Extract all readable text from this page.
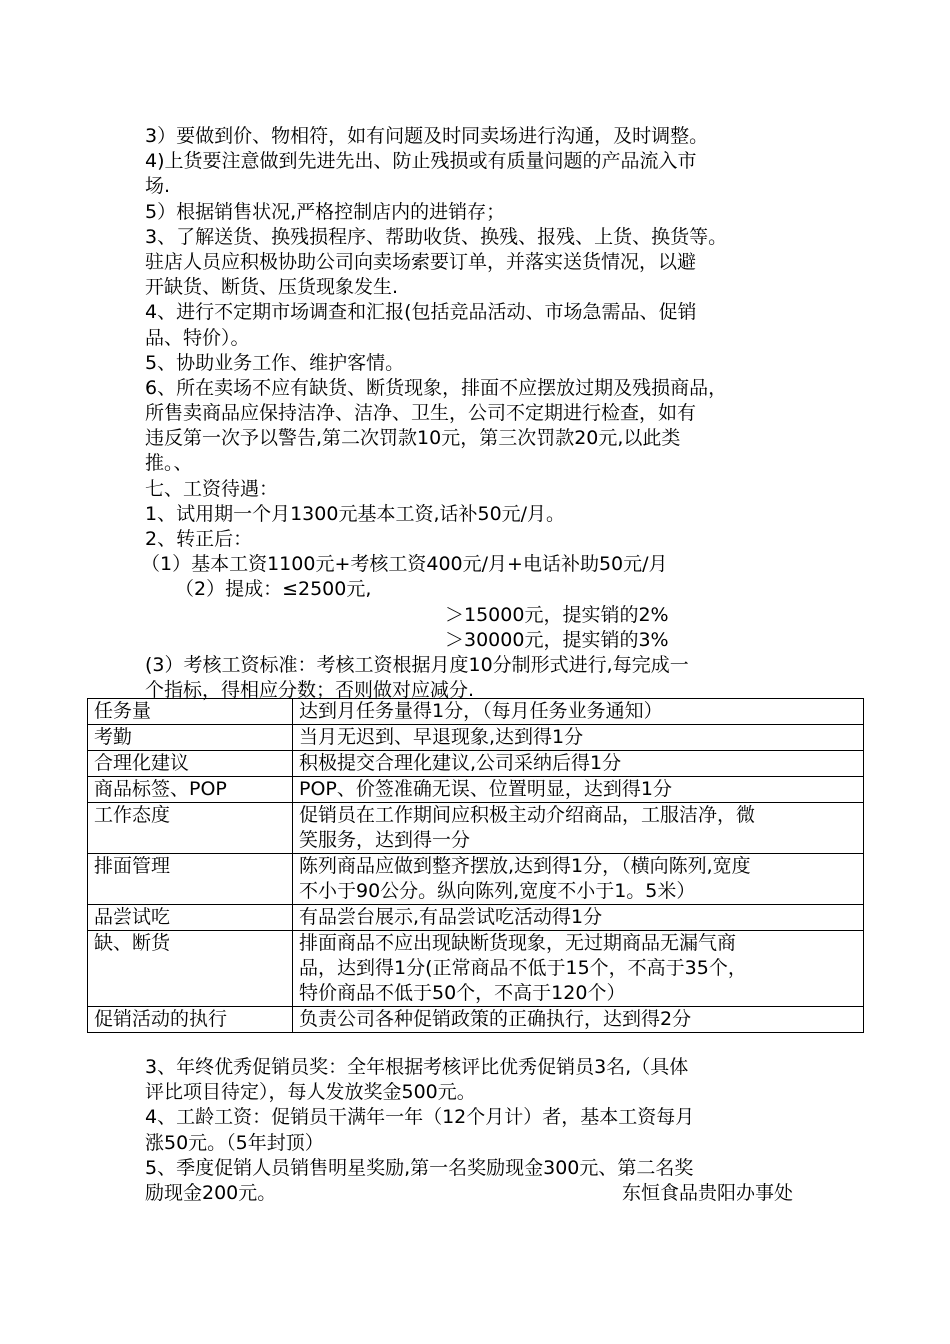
3）要做到价、物相符，如有问题及时同卖场进行沟通，及时调整。
4)上货要注意做到先进先出、防止残损或有质量问题的产品流入市
场.
5）根据销售状况,严格控制店内的进销存；
3、了解送货、换残损程序、帮助收货、换残、报残、上货、换货等。
驻店人员应积极协助公司向卖场索要订单，并落实送货情况，以避
开缺货、断货、压货现象发生.
4、进行不定期市场调查和汇报(包括竞品活动、市场急需品、促销
品、特价）。
5、协助业务工作、维护客情。
6、所在卖场不应有缺货、断货现象，排面不应摆放过期及残损商品，
所售卖商品应保持洁净、洁净、卫生，公司不定期进行检查，如有
违反第一次予以警告,第二次罚款10元，第三次罚款20元,以此类
推。、
七、工资待遇：
1、试用期一个月1300元基本工资,话补50元/月。
2、转正后：
（1）基本工资1100元+考核工资400元/月+电话补助50元/月
（2）提成：≤2500元,
＞15000元，提实销的2%
＞30000元，提实销的3%
(3）考核工资标准：考核工资根据月度10分制形式进行,每完成一
个指标，得相应分数；否则做对应减分.
任务量	达到月任务量得1分，（每月任务业务通知）

考勤	当月无迟到、早退现象,达到得1分

合理化建议	积极提交合理化建议,公司采纳后得1分

商品标签、POP	POP、价签准确无误、位置明显，达到得1分

工作态度	促销员在工作期间应积极主动介绍商品，工服洁净，微
笑服务，达到得一分

排面管理	陈列商品应做到整齐摆放,达到得1分，（横向陈列,宽度
不小于90公分。纵向陈列,宽度不小于1。5米）

品尝试吃	有品尝台展示,有品尝试吃活动得1分

缺、断货	排面商品不应出现缺断货现象，无过期商品无漏气商
品，达到得1分(正常商品不低于15个，不高于35个，
特价商品不低于50个，不高于120个）

促销活动的执行	负责公司各种促销政策的正确执行，达到得2分
3、年终优秀促销员奖：全年根据考核评比优秀促销员3名,（具体
评比项目待定），每人发放奖金500元。
4、工龄工资：促销员干满年一年（12个月计）者，基本工资每月
涨50元。（5年封顶）
5、季度促销人员销售明星奖励,第一名奖励现金300元、第二名奖
励现金200元。	东恒食品贵阳办事处
